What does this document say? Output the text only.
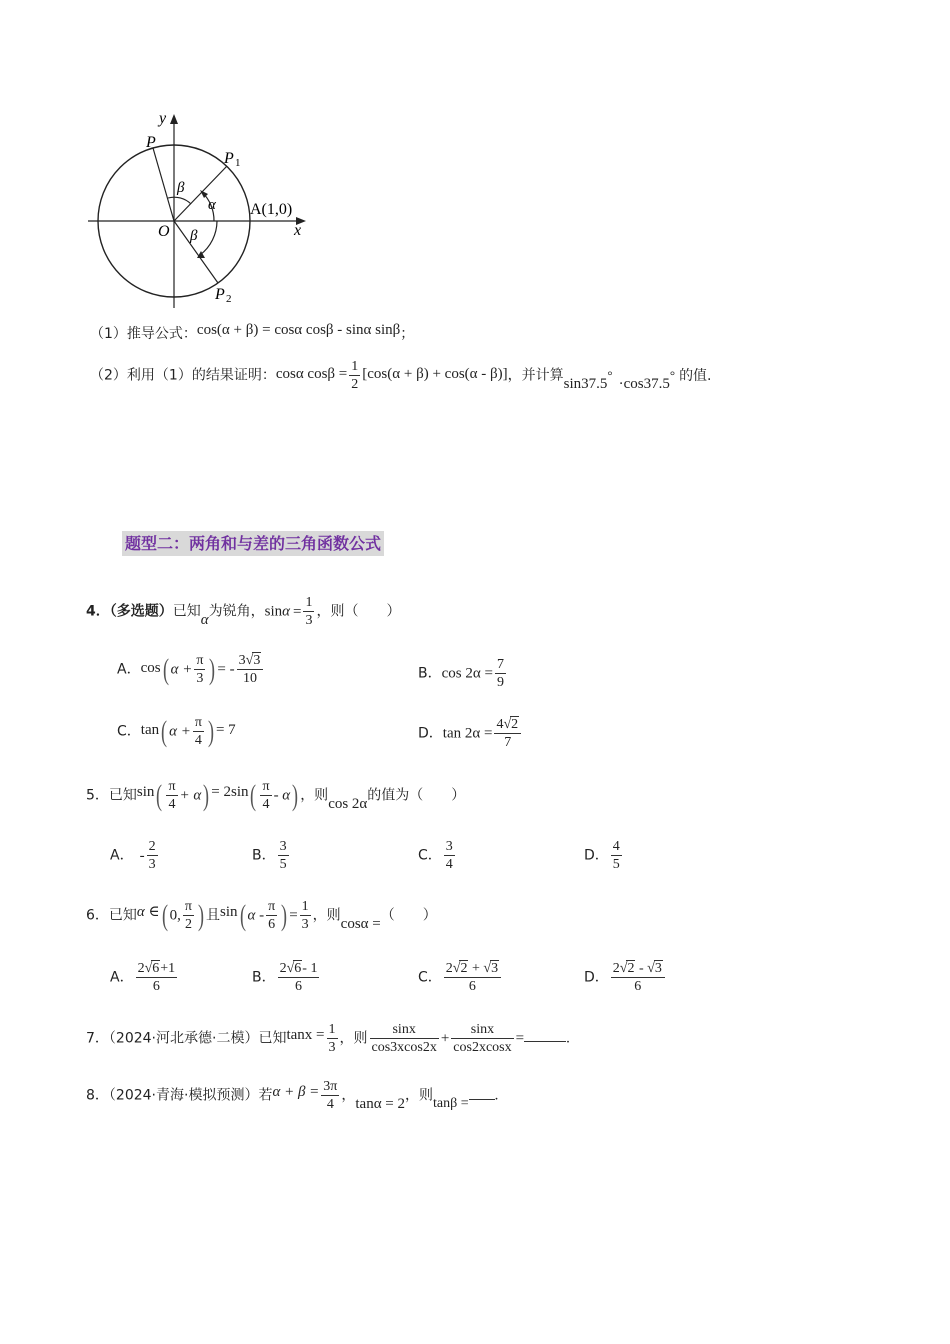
y
x
O
P
P 1
P 2
A(1,0)
α
β
β
（1）推导公式：cos(α + β) = cosα cosβ - sinα sinβ；
（2）利用（1）的结果证明：cosα $\cos\beta = \frac{1}{2} [\cos(\alpha + \beta) + \cos(\alpha - \beta)]$，并计算sin37.5°·cos37.5° 的值.
题型二：两角和与差的三角函数公式
4．（多选题）已知α为锐角，$\sin\alpha = \frac{1}{3}$ ，则（　　）
A．cos( $\alpha + \frac{\pi}{3}$ ) = - $\frac{3√3}{10}$	B．$\cos 2\alpha = \frac{7}{9}$
C．tan( $\alpha + \frac{\pi}{4}$ ) = 7	D．$\tan 2\alpha = \frac{4√2}{7}$
5．已知$\sin( \frac{\pi}{4} + \alpha) = 2\sin( \frac{\pi}{4} - \alpha)$ ，则cos 2α的值为（　　）
A． - $\frac{2}{3}$	B． $\frac{3}{5}$	C． $\frac{3}{4}$	D． $\frac{4}{5}$
6．已知α ∈( 0, $\frac{\pi}{2}$ ) 且sin( α - $\frac{\pi}{6}$ ) = $\frac{1}{3}$ ，则cosα =（　　）
A． $\frac{2√6+1}{6}$	B． $\frac{2√6- 1}{6}$	C． $\frac{2√2 + √3}{6}$	D． $\frac{2√2 - √3}{6}$
7．（2024·河北承德·二模）已知$\tan x = \frac{1}{3}$ ，则 $\frac{\sin x}{\cos 3xcos2x} + \frac{\sin x}{\cos 2xcosx}$ =	.
8．（2024·青海·模拟预测）若$\alpha + \beta = \frac{3\pi}{4}$ ，tanα = 2，则tanβ = .
